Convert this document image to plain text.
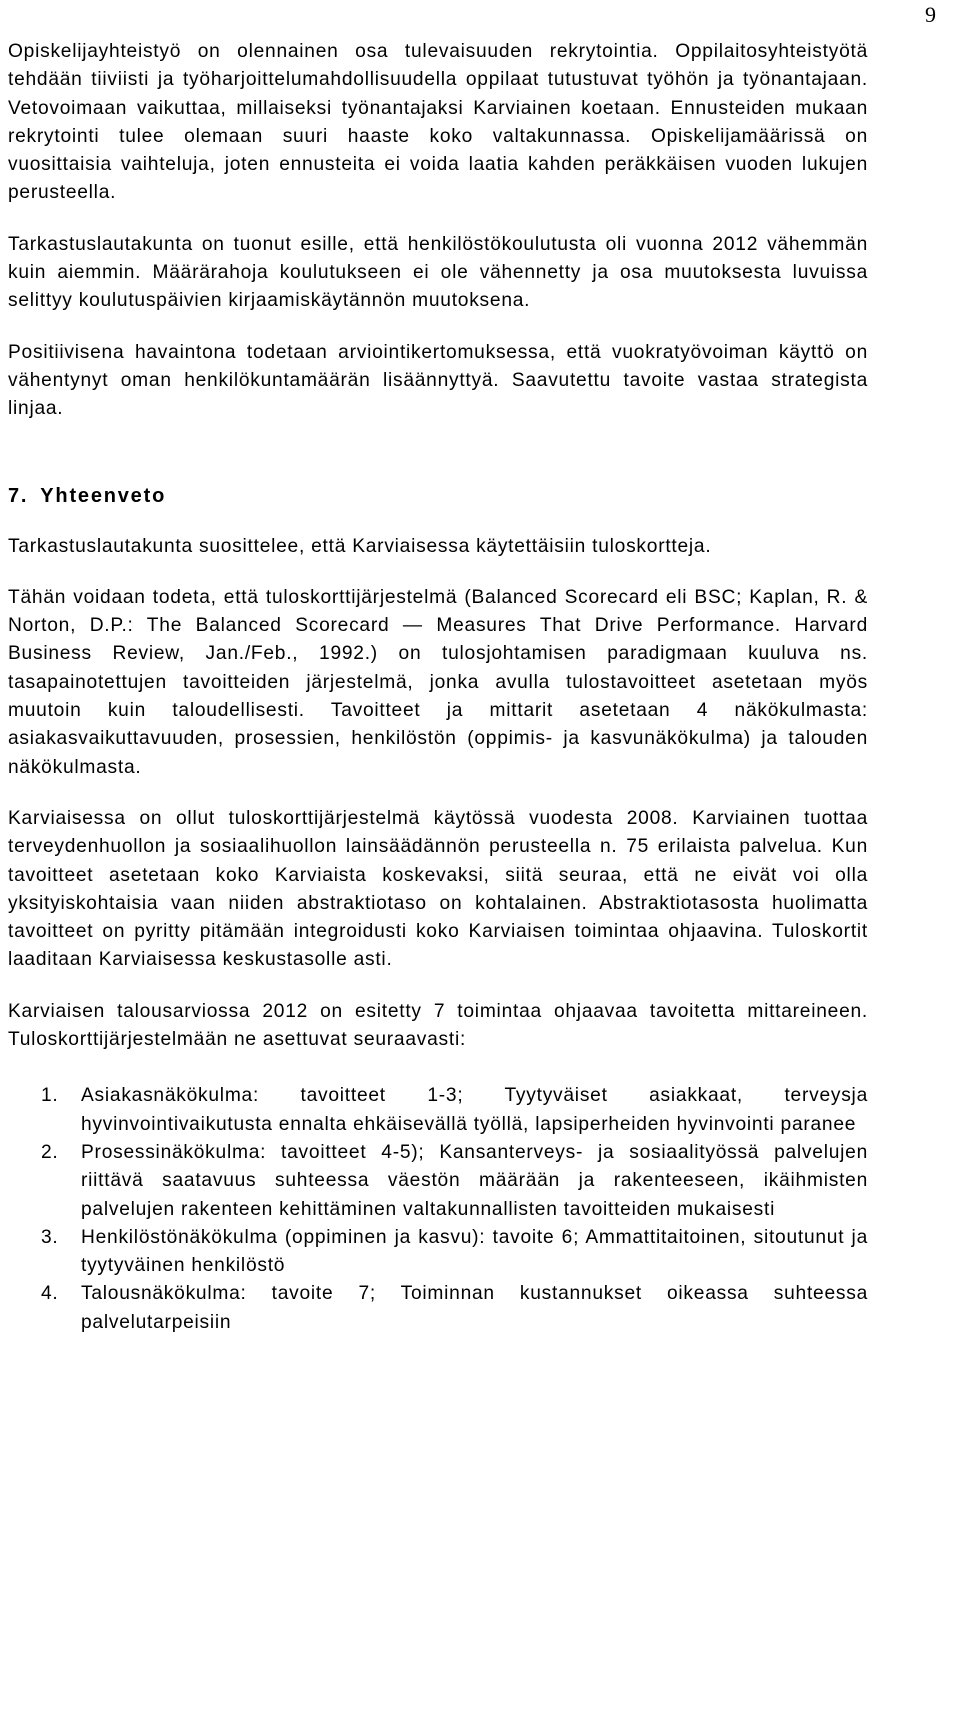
9

Opiskelijayhteistyö on olennainen osa tulevaisuuden rekrytointia. Oppilaitosyhteistyötä tehdään tiiviisti ja työharjoittelumahdollisuudella oppilaat tutustuvat työhön ja työnantajaan. Vetovoimaan vaikuttaa, millaiseksi työnantajaksi Karviainen koetaan. Ennusteiden mukaan rekrytointi tulee olemaan suuri haaste koko valtakunnassa. Opiskelijamäärissä on vuosittaisia vaihteluja, joten ennusteita ei voida laatia kahden peräkkäisen vuoden lukujen perusteella.

Tarkastuslautakunta on tuonut esille, että henkilöstökoulutusta oli vuonna 2012 vähemmän kuin aiemmin. Määrärahoja koulutukseen ei ole vähennetty ja osa muutoksesta luvuissa selittyy koulutuspäivien kirjaamiskäytännön muutoksena.

Positiivisena havaintona todetaan arviointikertomuksessa, että vuokratyövoiman käyttö on vähentynyt oman henkilökuntamäärän lisäännyttyä. Saavutettu tavoite vastaa strategista linjaa.

7. Yhteenveto

Tarkastuslautakunta suosittelee, että Karviaisessa käytettäisiin tuloskortteja.

Tähän voidaan todeta, että tuloskorttijärjestelmä (Balanced Scorecard eli BSC; Kaplan, R. & Norton, D.P.: The Balanced Scorecard — Measures That Drive Performance. Harvard Business Review, Jan./Feb., 1992.) on tulosjohtamisen paradigmaan kuuluva ns. tasapainotettujen tavoitteiden järjestelmä, jonka avulla tulostavoitteet asetetaan myös muutoin kuin taloudellisesti. Tavoitteet ja mittarit asetetaan 4 näkökulmasta: asiakasvaikuttavuuden, prosessien, henkilöstön (oppimis- ja kasvunäkökulma) ja talouden näkökulmasta.

Karviaisessa on ollut tuloskorttijärjestelmä käytössä vuodesta 2008. Karviainen tuottaa terveydenhuollon ja sosiaalihuollon lainsäädännön perusteella n. 75 erilaista palvelua. Kun tavoitteet asetetaan koko Karviaista koskevaksi, siitä seuraa, että ne eivät voi olla yksityiskohtaisia vaan niiden abstraktiotaso on kohtalainen. Abstraktiotasosta huolimatta tavoitteet on pyritty pitämään integroidusti koko Karviaisen toimintaa ohjaavina. Tuloskortit laaditaan Karviaisessa keskustasolle asti.

Karviaisen talousarviossa 2012 on esitetty 7 toimintaa ohjaavaa tavoitetta mittareineen. Tuloskorttijärjestelmään ne asettuvat seuraavasti:

1. Asiakasnäkökulma: tavoitteet 1-3; Tyytyväiset asiakkaat, terveysja hyvinvointivaikutusta ennalta ehkäisevällä työllä, lapsiperheiden hyvinvointi paranee
2. Prosessinäkökulma: tavoitteet 4-5); Kansanterveys- ja sosiaalityössä palvelujen riittävä saatavuus suhteessa väestön määrään ja rakenteeseen, ikäihmisten palvelujen rakenteen kehittäminen valtakunnallisten tavoitteiden mukaisesti
3. Henkilöstönäkökulma (oppiminen ja kasvu): tavoite 6; Ammattitaitoinen, sitoutunut ja tyytyväinen henkilöstö
4. Talousnäkökulma: tavoite 7; Toiminnan kustannukset oikeassa suhteessa palvelutarpeisiin
